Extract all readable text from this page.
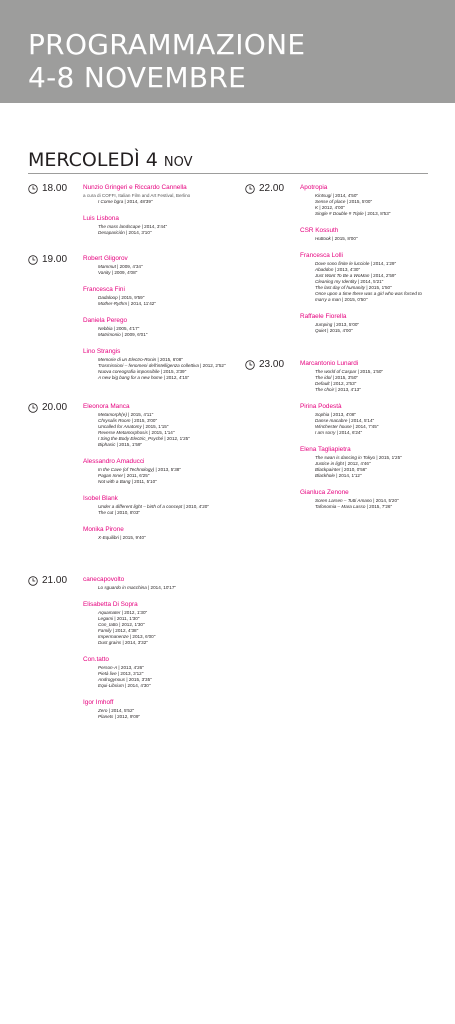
PROGRAMMAZIONE
4-8 NOVEMBRE
MERCOLEDÌ 4 NOV
18.00 Nunzio Gringeri e Riccardo Cannella
a cura di COFFI, Italian Film and Art Festival, Berlino
I Come bgra | 2014, 48'39''
Luis Lisbona
The mass landscape | 2014, 3'44''
Desaparición | 2014, 3'10''
19.00 Robert Gligorov
Mammut | 2009, 4'34''
Vanity | 2009, 4'08''
Francesca Fini
Dadaloop | 2015, 9'59''
Mother-Rythm | 2014, 11'42''
Daniela Perego
Nebbia | 2005, 4'17''
Matrimonio | 2009, 6'01''
Lino Strangis
Memorie di un Electro-Ronin | 2015, 6'08''
Trasmissioni – fenomeni dell'intelligenza collettiva | 2012, 2'52''
Nuova coreografia impossibile | 2015, 3'39''
A new big bang for a new home | 2012, 4'15''
20.00 Eleonora Manca
Metamorph(e) | 2015, 4'11''
Chrysalis Room | 2015, 3'00''
Uncalled for Anatomy | 2015, 1'15''
Reverse Metamorphosis | 2015, 1'14''
I Sing the Body Electric_Psyché | 2012, 1'25''
Biphasic | 2015, 1'59''
Alessandro Amaducci
In the Cave (of Technology) | 2013, 5'38''
Pagan Inner | 2011, 6'25''
Not with a Bang | 2011, 5'10''
Isobel Blank
Under a different light – birth of a concept | 2010, 4'20''
The cut | 2010, 8'03''
Monika Pirone
X-Equilibri | 2015, 9'40''
21.00 canecapovolto
Lo sguardo in macchina | 2014, 10'17''
Elisabetta Di Sopra
Aquamater | 2012, 1'30''
Legami | 2011, 1'30''
Con_tatto | 2012, 1'30''
Family | 2012, 4'38''
Impermanenze | 2013, 6'00''
Dust grains | 2014, 3'32''
Con.tatto
Person-A | 2013, 4'26''
Pietà live | 2013, 3'12''
Androgynous | 2015, 3'35''
Equi-Librium | 2014, 4'30''
Igor Imhoff
Zero | 2014, 5'52''
Planets | 2012, 9'09''
22.00 Apotropia
Kintsugi | 2014, 4'50''
Sense of place | 2015, 5'00''
K | 2012, 4'00''
Single # Double # Triple | 2013, 8'53''
CSR Kossuth
Huttook | 2015, 8'00''
Francesca Lolli
Dove sono finite le lucciole | 2014, 1'29''
Abaddon | 2013, 4'30''
Just Want To Be a WoMan | 2014, 2'59''
Cleaning my Identity | 2014, 5'21''
The last day of humanity | 2015, 1'50''
Once upon a time there was a girl who was forced to marry a man | 2015, 0'50''
Raffaele Fiorella
Jumping | 2013, 5'00''
Quiet | 2015, 4'00''
23.00 Marcantonio Lunardi
The world of Caspar | 2015, 1'50''
The idol | 2015, 3'50''
Default | 2012, 2'53''
The choir | 2013, 4'13''
Pirina Podestà
Sophia | 2013, 4'08''
Danse macabre | 2014, 5'14''
Winchester house | 2014, 7'45''
I am sorry | 2014, 6'24''
Elena Tagliapietra
The swan is dancing in Tokyo | 2015, 1'25''
Justice in light | 2012, 4'46''
Blackpainter | 2010, 0'56''
Blackhole | 2014, 1'12''
Gianluca Zenone
Soren Larsen – Tutti Amano | 2014, 5'20''
Tafonomia – Mara Lasso | 2015, 7'26''
